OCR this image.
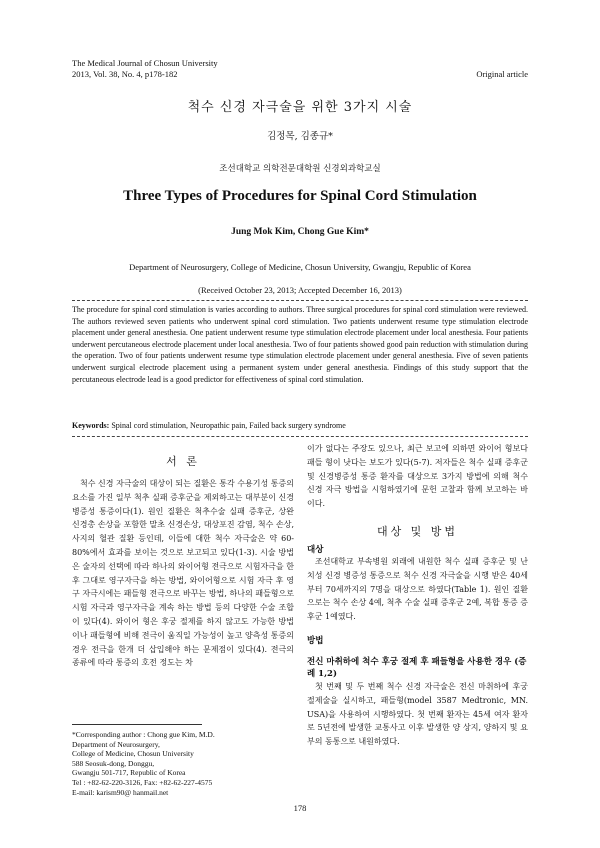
The Medical Journal of Chosun University
2013, Vol. 38, No. 4, p178-182	Original article
척수 신경 자극술을 위한 3가지 시술
김정목, 김종규*
조선대학교 의학전문대학원 신경외과학교실
Three Types of Procedures for Spinal Cord Stimulation
Jung Mok Kim, Chong Gue Kim*
Department of Neurosurgery, College of Medicine, Chosun University, Gwangju, Republic of Korea
(Received October 23, 2013; Accepted December 16, 2013)
The procedure for spinal cord stimulation is varies according to authors. Three surgical procedures for spinal cord stimulation were reviewed. The authors reviewed seven patients who underwent spinal cord stimulation. Two patients underwent resume type stimulation electrode placement under general anesthesia. One patient underwent resume type stimulation electrode placement under local anesthesia. Four patients underwent percutaneous electrode placement under local anesthesia. Two of four patients showed good pain reduction with stimulation during the operation. Two of four patients underwent resume type stimulation electrode placement under general anesthesia. Five of seven patients underwent surgical electrode placement using a permanent system under general anesthesia. Findings of this study support that the percutaneous electrode lead is a good predictor for effectiveness of spinal cord stimulation.
Keywords: Spinal cord stimulation, Neuropathic pain, Failed back surgery syndrome
서 론
척수 신경 자극술의 대상이 되는 질환은 통각 수용기성 통증의 요소를 가진 일부 척추 실패 증후군을 제외하고는 대부분이 신경 병증성 통증이다(1). 원인 질환은 척추수술 실패 증후군, 상완 신경총 손상을 포함한 말초 신경손상, 대상포진 감염, 척수 손상, 사지의 혈관 질환 등인데, 이들에 대한 척수 자극술은 약 60-80%에서 효과를 보이는 것으로 보고되고 있다(1-3). 시술 방법은 술자의 선택에 따라 하나의 와이어형 전극으로 시험자극을 한 후 그대로 영구자극을 하는 방법, 와이어형으로 시험 자극 후 영구 자극시에는 패들형 전극으로 바꾸는 방법, 하나의 패들형으로 시험 자극과 영구자극을 계속 하는 방법 등의 다양한 수술 조합이 있다(4). 와이어 형은 후궁 절제를 하지 않고도 가능한 방법이나 패들형에 비해 전극이 움직일 가능성이 높고 양측성 통증의 경우 전극을 한개 더 삽입해야 하는 문제점이 있다(4). 전극의 종류에 따라 통증의 호전 정도는 차
이가 없다는 주장도 있으나, 최근 보고에 의하면 와이어 형보다 패들 형이 낫다는 보도가 있다(5-7). 저자들은 척수 실패 증후군 및 신경병증성 통증 환자를 대상으로 3가지 방법에 의해 척수 신경 자극 방법을 시험하였기에 문헌 고찰과 함께 보고하는 바이다.
대상 및 방법
대상
조선대학교 부속병원 외래에 내원한 척수 실패 증후군 및 난치성 신경 병증성 통증으로 척수 신경 자극술을 시행 받은 40세부터 70세까지의 7명을 대상으로 하였다(Table 1). 원인 질환으로는 척수 손상 4예, 척추 수술 실패 증후군 2예, 복합 통증 증후군 1예였다.
방법
전신 마취하에 척수 후궁 절제 후 패들형을 사용한 경우 (증례 1,2)
첫 번째 및 두 번째 척수 신경 자극술은 전신 마취하에 후궁 절제술을 실시하고, 패들형(model 3587 Medtronic, MN. USA)을 사용하여 시행하였다. 첫 번째 환자는 45세 여자 환자로 5년전에 발생한 교통사고 이후 발생한 양 상지, 양하지 및 요부의 동통으로 내원하였다.
*Corresponding author : Chong gue Kim, M.D.
Department of Neurosurgery,
College of Medicine, Chosun University
588 Seosuk-dong, Donggu,
Gwangju 501-717, Republic of Korea
Tel : +82-62-220-3126, Fax: +82-62-227-4575
E-mail: karism90@ hanmail.net
178
